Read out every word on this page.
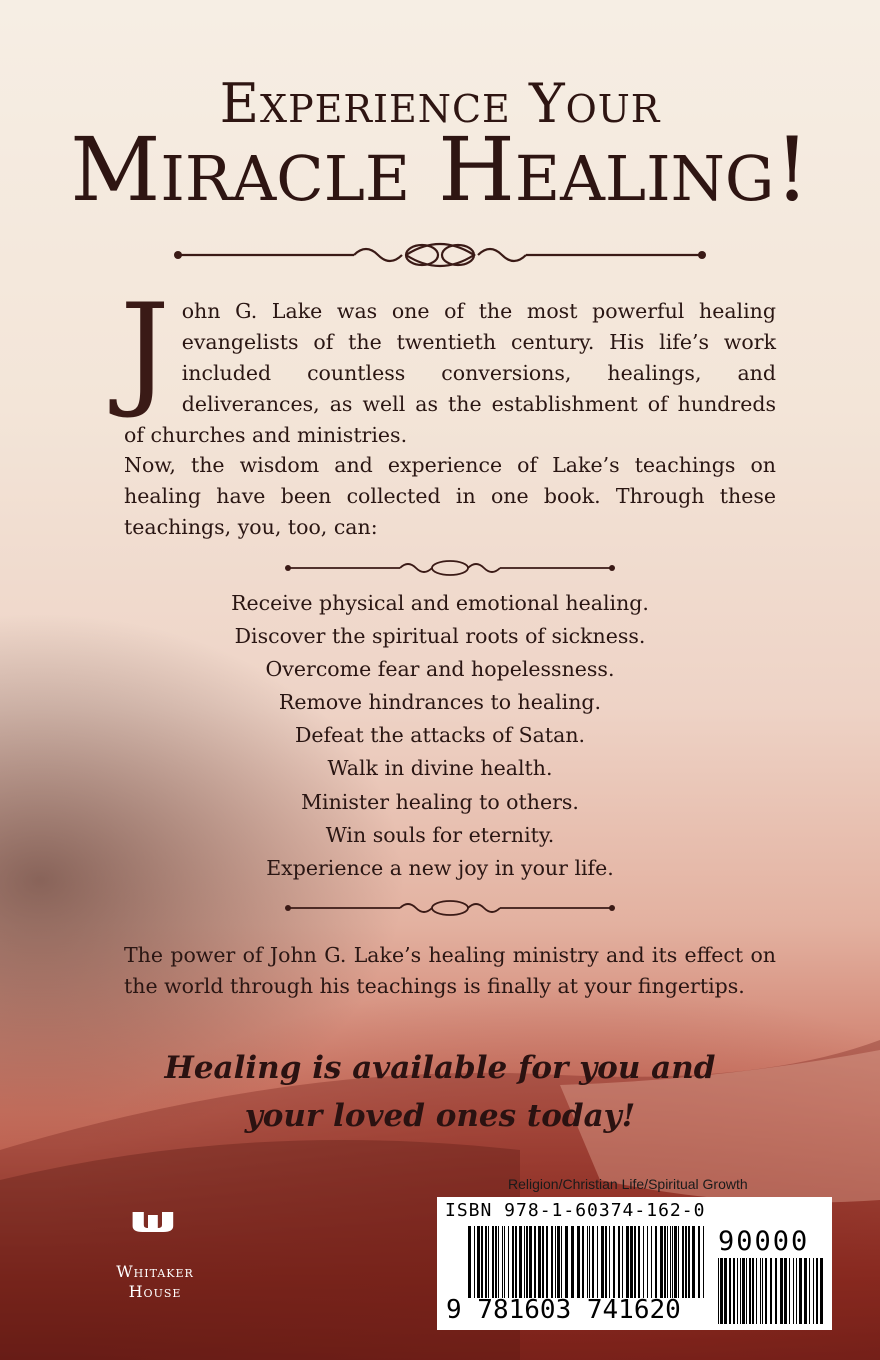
Experience Your
Miracle Healing!

John G. Lake was one of the most powerful healing evangelists of the twentieth century. His life’s work included countless conversions, healings, and deliverances, as well as the establishment of hundreds of churches and ministries.

Now, the wisdom and experience of Lake’s teachings on healing have been collected in one book. Through these teachings, you, too, can:

Receive physical and emotional healing.
Discover the spiritual roots of sickness.
Overcome fear and hopelessness.
Remove hindrances to healing.
Defeat the attacks of Satan.
Walk in divine health.
Minister healing to others.
Win souls for eternity.
Experience a new joy in your life.

The power of John G. Lake’s healing ministry and its effect on the world through his teachings is finally at your fingertips.

Healing is available for you and
your loved ones today!
Whitaker
House
Religion/Christian Life/Spiritual Growth
ISBN 978-1-60374-162-0
90000
9 781603 741620
